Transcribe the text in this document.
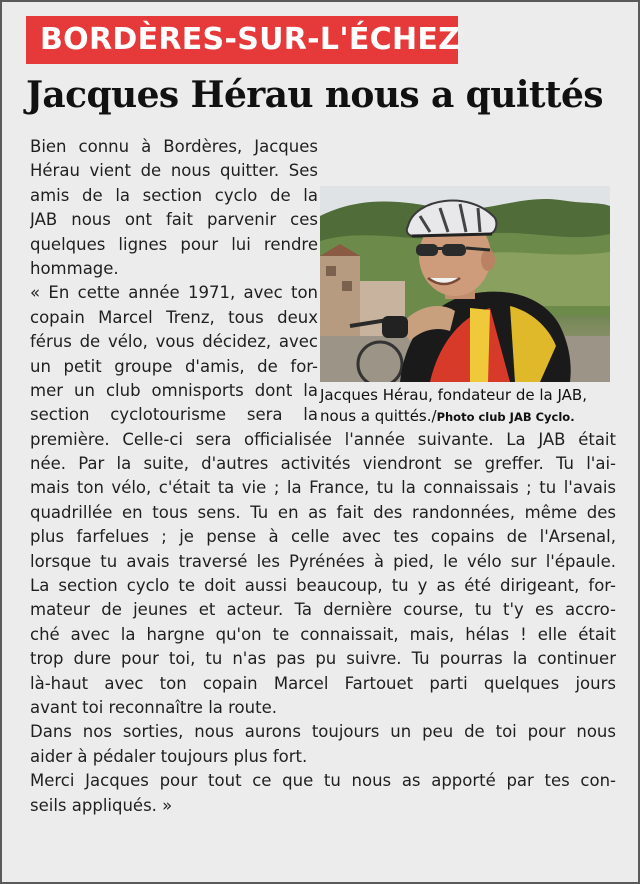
BORDÈRES-SUR-L'ÉCHEZ
Jacques Hérau nous a quittés
Bien connu à Bordères, Jacques
Hérau vient de nous quitter. Ses
amis de la section cyclo de la
JAB nous ont fait parvenir ces
quelques lignes pour lui rendre
hommage.
« En cette année 1971, avec ton
copain Marcel Trenz, tous deux
férus de vélo, vous décidez, avec
un petit groupe d'amis, de for-
mer un club omnisports dont la
section cyclotourisme sera la
première. Celle-ci sera officialisée l'année suivante. La JAB était
née. Par la suite, d'autres activités viendront se greffer. Tu l'ai-
mais ton vélo, c'était ta vie ; la France, tu la connaissais ; tu l'avais
quadrillée en tous sens. Tu en as fait des randonnées, même des
plus farfelues ; je pense à celle avec tes copains de l'Arsenal,
lorsque tu avais traversé les Pyrénées à pied, le vélo sur l'épaule.
La section cyclo te doit aussi beaucoup, tu y as été dirigeant, for-
mateur de jeunes et acteur. Ta dernière course, tu t'y es accro-
ché avec la hargne qu'on te connaissait, mais, hélas ! elle était
trop dure pour toi, tu n'as pas pu suivre. Tu pourras la continuer
là-haut avec ton copain Marcel Fartouet parti quelques jours
avant toi reconnaître la route.
Dans nos sorties, nous aurons toujours un peu de toi pour nous
aider à pédaler toujours plus fort.
Merci Jacques pour tout ce que tu nous as apporté par tes con-
seils appliqués. »
Jacques Hérau, fondateur de la JAB,
nous a quittés./Photo club JAB Cyclo.
